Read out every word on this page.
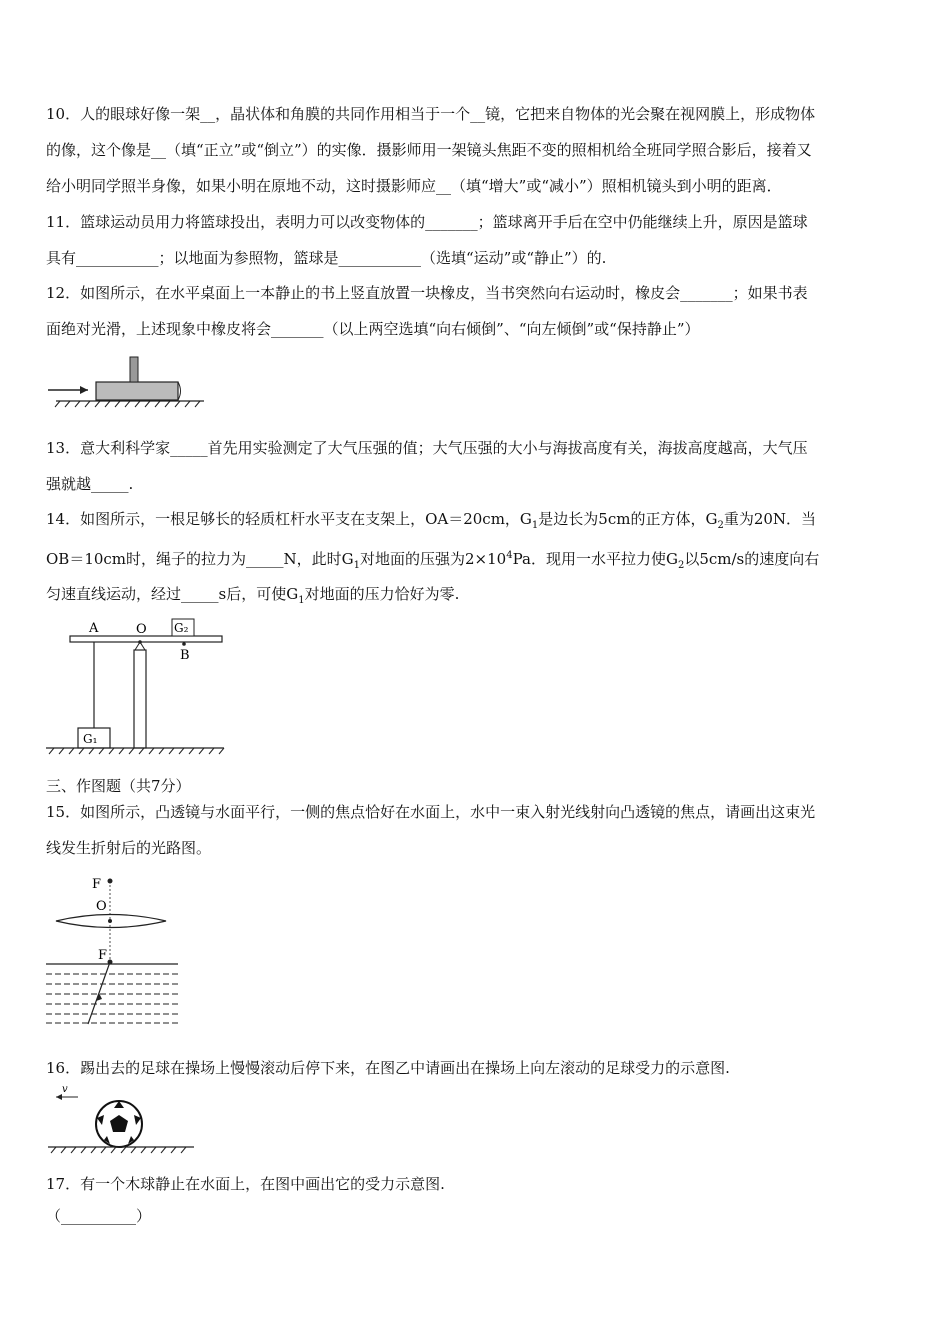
10．人的眼球好像一架__，晶状体和角膜的共同作用相当于一个__镜，它把来自物体的光会聚在视网膜上，形成物体
的像，这个像是__（填“正立”或“倒立”）的实像．摄影师用一架镜头焦距不变的照相机给全班同学照合影后，接着又
给小明同学照半身像，如果小明在原地不动，这时摄影师应__（填“增大”或“减小”）照相机镜头到小明的距离．
11．篮球运动员用力将篮球投出，表明力可以改变物体的_______；篮球离开手后在空中仍能继续上升，原因是篮球
具有___________；以地面为参照物，篮球是___________（选填“运动”或“静止”）的.
12．如图所示，在水平桌面上一本静止的书上竖直放置一块橡皮，当书突然向右运动时，橡皮会_______；如果书表
面绝对光滑，上述现象中橡皮将会_______（以上两空选填“向右倾倒”、“向左倾倒”或“保持静止”）
13．意大利科学家_____首先用实验测定了大气压强的值；大气压强的大小与海拔高度有关，海拔高度越高，大气压
强就越_____.
14．如图所示，一根足够长的轻质杠杆水平支在支架上，OA＝20cm，$G_1$是边长为5cm的正方体，$G_2$重为20N．当
OB＝10cm时，绳子的拉力为_____N，此时$G_1$对地面的压强为$2\times 10^4Pa$．现用一水平拉力使$G_2$以5cm/s的速度向右
匀速直线运动，经过_____s后，可使$G_1$对地面的压力恰好为零.
A	O G₂
B
G₁
三、作图题（共7分）
15．如图所示，凸透镜与水面平行，一侧的焦点恰好在水面上，水中一束入射光线射向凸透镜的焦点，请画出这束光
线发生折射后的光路图。
F
O
F
16．踢出去的足球在操场上慢慢滚动后停下来，在图乙中请画出在操场上向左滚动的足球受力的示意图.
v
17．有一个木球静止在水面上，在图中画出它的受力示意图.
（__________）
